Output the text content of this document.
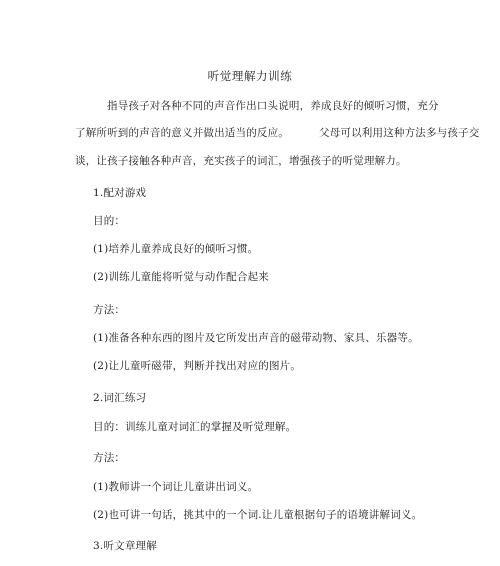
听觉理解力训练
指导孩子对各种不同的声音作出口头说明，养成良好的倾听习惯，充分
了解所听到的声音的意义并做出适当的反应。	父母可以利用这种方法多与孩子交
谈，让孩子接触各种声音，充实孩子的词汇，增强孩子的听觉理解力。
1.配对游戏
目的：
(1)培养儿童养成良好的倾听习惯。
(2)训练儿童能将听觉与动作配合起来
方法：
(1)准备各种东西的图片及它所发出声音的磁带动物、家具、乐器等。
(2)让儿童听磁带，判断并找出对应的图片。
2.词汇练习
目的：训练儿童对词汇的掌握及听觉理解。
方法：
(1)教师讲一个词让儿童讲出词义。
(2)也可讲一句话，挑其中的一个词.让儿童根据句子的语境讲解词义。
3.听文章理解
